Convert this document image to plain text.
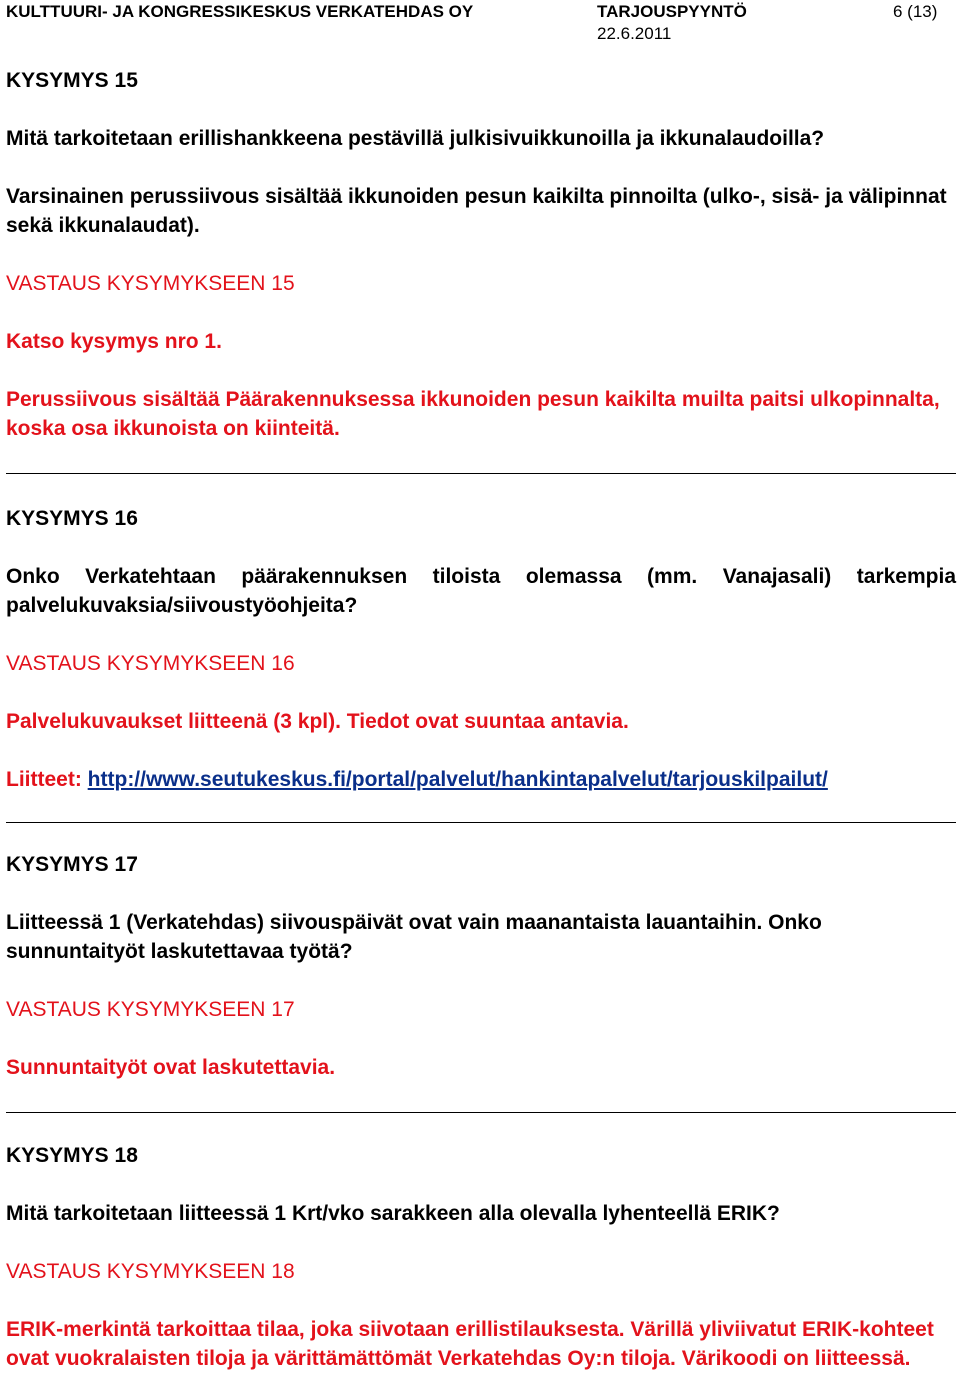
KULTTUURI- JA KONGRESSIKESKUS VERKATEHDAS OY	TARJOUSPYYNTÖ
22.6.2011
6 (13)

KYSYMYS 15

Mitä tarkoitetaan erillishankkeena pestävillä julkisivuikkunoilla ja ikkunalaudoilla?

Varsinainen perussiivous sisältää ikkunoiden pesun kaikilta pinnoilta (ulko-, sisä- ja välipinnat sekä ikkunalaudat).

VASTAUS KYSYMYKSEEN 15

Katso kysymys nro 1.

Perussiivous sisältää Päärakennuksessa ikkunoiden pesun kaikilta muilta paitsi ulkopinnalta, koska osa ikkunoista on kiinteitä.

KYSYMYS 16

Onko Verkatehtaan päärakennuksen tiloista olemassa (mm. Vanajasali) tarkempia palvelukuvaksia/siivoustyöohjeita?

VASTAUS KYSYMYKSEEN 16

Palvelukuvaukset liitteenä (3 kpl). Tiedot ovat suuntaa antavia.

Liitteet: http://www.seutukeskus.fi/portal/palvelut/hankintapalvelut/tarjouskilpailut/

KYSYMYS 17

Liitteessä 1 (Verkatehdas) siivouspäivät ovat vain maanantaista lauantaihin. Onko sunnuntaityöt laskutettavaa työtä?

VASTAUS KYSYMYKSEEN 17

Sunnuntaityöt ovat laskutettavia.

KYSYMYS 18

Mitä tarkoitetaan liitteessä 1 Krt/vko sarakkeen alla olevalla lyhenteellä ERIK?

VASTAUS KYSYMYKSEEN 18

ERIK-merkintä tarkoittaa tilaa, joka siivotaan erillistilauksesta. Värillä yliviivatut ERIK-kohteet ovat vuokralaisten tiloja ja värittämättömät Verkatehdas Oy:n tiloja. Värikoodi on liitteessä.
